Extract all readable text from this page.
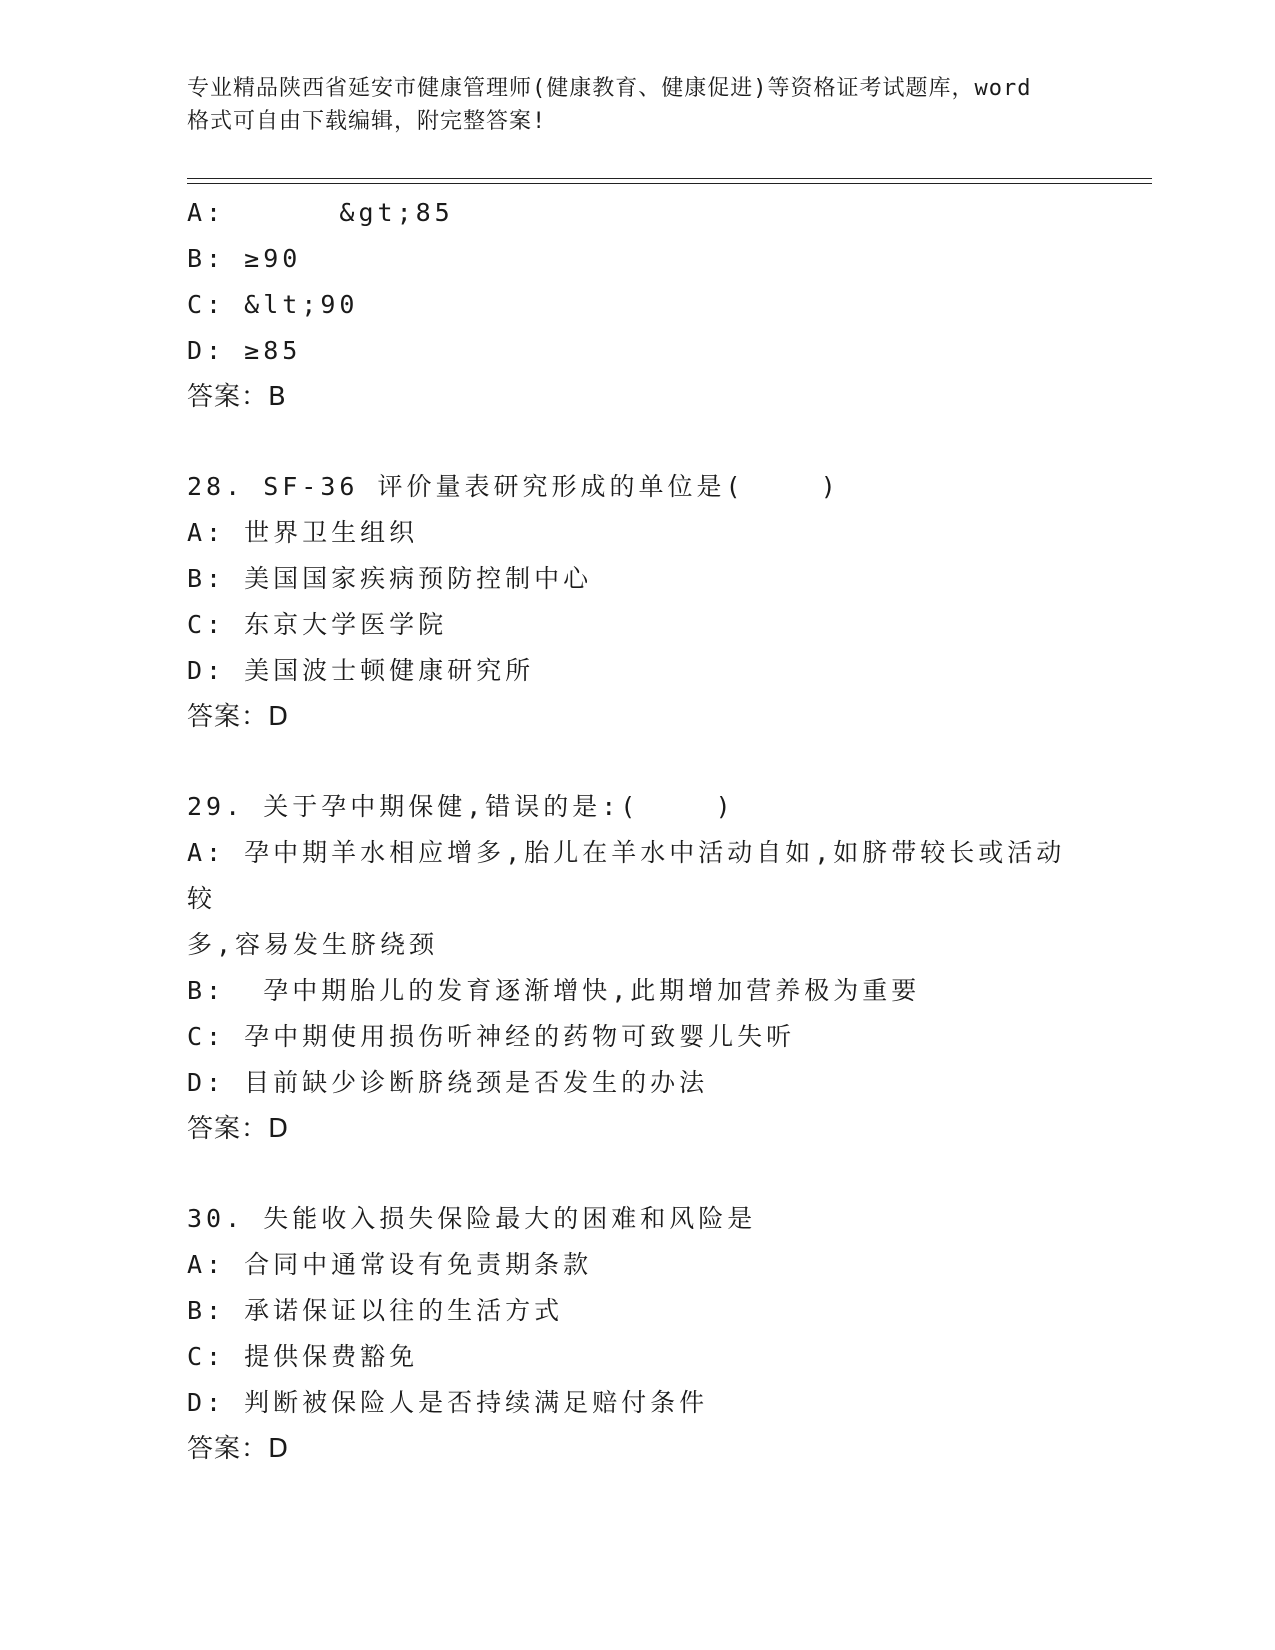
专业精品陕西省延安市健康管理师(健康教育、健康促进)等资格证考试题库，word
格式可自由下载编辑，附完整答案!
A:      &gt;85
B: ≥90
C: &lt;90
D: ≥85
答案：B
28. SF-36 评价量表研究形成的单位是(    )
A: 世界卫生组织
B: 美国国家疾病预防控制中心
C: 东京大学医学院
D: 美国波士顿健康研究所
答案：D
29. 关于孕中期保健,错误的是:(    )
A: 孕中期羊水相应增多,胎儿在羊水中活动自如,如脐带较长或活动较
多,容易发生脐绕颈
B:  孕中期胎儿的发育逐渐增快,此期增加营养极为重要
C: 孕中期使用损伤听神经的药物可致婴儿失听
D: 目前缺少诊断脐绕颈是否发生的办法
答案：D
30. 失能收入损失保险最大的困难和风险是
A: 合同中通常设有免责期条款
B: 承诺保证以往的生活方式
C: 提供保费豁免
D: 判断被保险人是否持续满足赔付条件
答案：D
